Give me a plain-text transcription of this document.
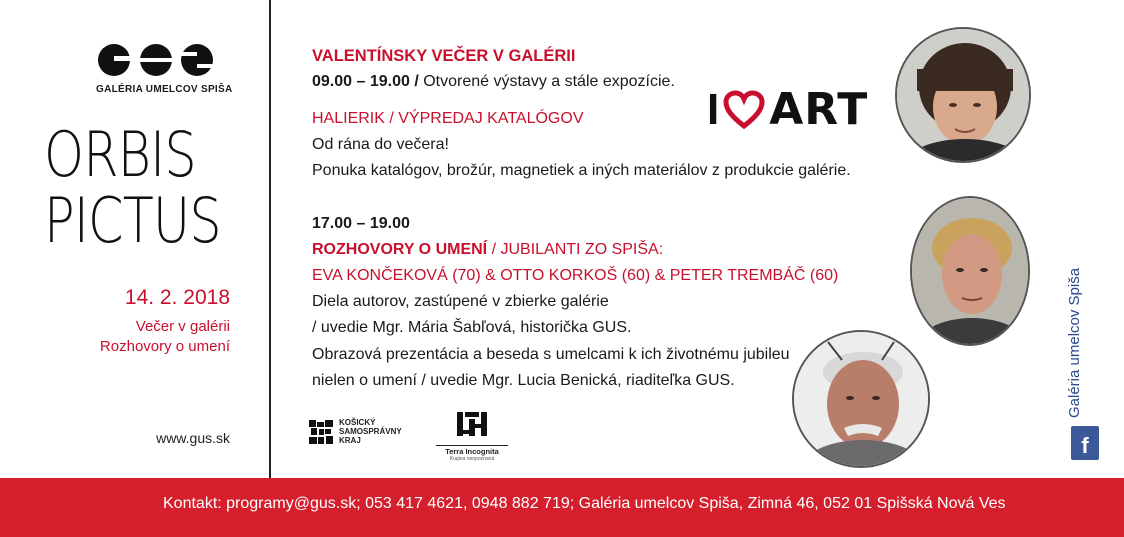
GALÉRIA UMELCOV SPIŠA
ORBIS
PICTUS
14. 2. 2018
Večer v galérii
Rozhovory o umení
www.gus.sk
VALENTÍNSKY VEČER V GALÉRII
09.00 – 19.00 / Otvorené výstavy a stále expozície.
HALIERIK / VÝPREDAJ KATALÓGOV
Od rána do večera!
Ponuka katalógov, brožúr, magnetiek a iných materiálov z produkcie galérie.
17.00 – 19.00
ROZHOVORY O UMENÍ / JUBILANTI ZO SPIŠA:
EVA KONČEKOVÁ (70) & OTTO KORKOŠ (60) & PETER TREMBÁČ (60)
Diela autorov, zastúpené v zbierke galérie
/ uvedie Mgr. Mária Šabľová, historička GUS.
Obrazová prezentácia a beseda s umelcami k ich životnému jubileu
nielen o umení / uvedie Mgr. Lucia Benická, riaditeľka GUS.
I ART
KOŠICKÝ
SAMOSPRÁVNY
KRAJ
Terra Incognita
Krajina neopoznaná
Galéria umelcov Spiša
f
Kontakt: programy@gus.sk; 053 417 4621, 0948 882 719; Galéria umelcov Spiša, Zimná 46, 052 01 Spišská Nová Ves
